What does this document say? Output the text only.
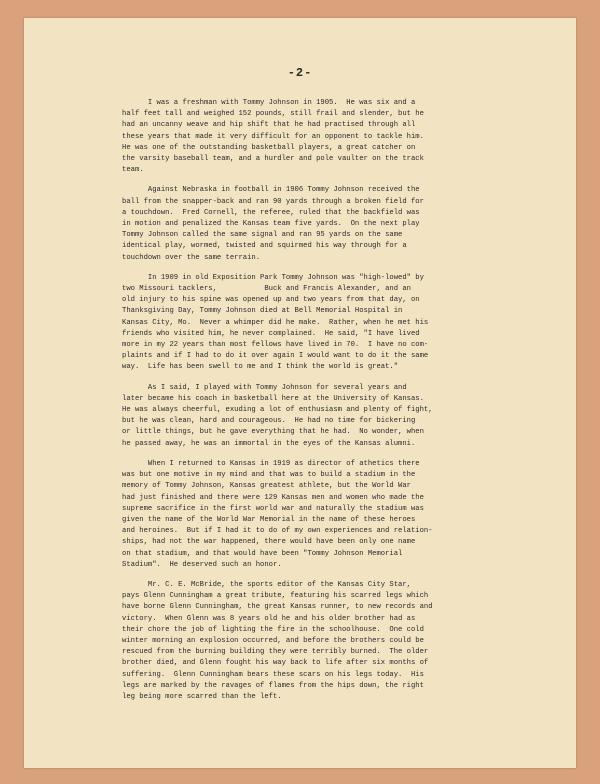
-2-
I was a freshman with Tommy Johnson in 1905.  He was six and a
half feet tall and weighed 152 pounds, still frail and slender, but he
had an uncanny weave and hip shift that he had practised through all
these years that made it very difficult for an opponent to tackle him.
He was one of the outstanding basketball players, a great catcher on
the varsity baseball team, and a hurdler and pole vaulter on the track
team.
Against Nebraska in football in 1906 Tommy Johnson received the
ball from the snapper-back and ran 90 yards through a broken field for
a touchdown.  Fred Cornell, the referee, ruled that the backfield was
in motion and penalized the Kansas team five yards.  On the next play
Tommy Johnson called the same signal and ran 95 yards on the same
identical play, wormed, twisted and squirmed his way through for a
touchdown over the same terrain.
In 1909 in old Exposition Park Tommy Johnson was "high-lowed" by
two Missouri tacklers,           Buck and Francis Alexander, and an
old injury to his spine was opened up and two years from that day, on
Thanksgiving Day, Tommy Johnson died at Bell Memorial Hospital in
Kansas City, Mo.  Never a whimper did he make.  Rather, when he met his
friends who visited him, he never complained.  He said, "I have lived
more in my 22 years than most fellows have lived in 70.  I have no com-
plaints and if I had to do it over again I would want to do it the same
way.  Life has been swell to me and I think the world is great."
As I said, I played with Tommy Johnson for several years and
later became his coach in basketball here at the University of Kansas.
He was always cheerful, exuding a lot of enthusiasm and plenty of fight,
but he was clean, hard and courageous.  He had no time for bickering
or little things, but he gave everything that he had.  No wonder, when
he passed away, he was an immortal in the eyes of the Kansas alumni.
When I returned to Kansas in 1919 as director of athetics there
was but one motive in my mind and that was to build a stadium in the
memory of Tommy Johnson, Kansas greatest athlete, but the World War
had just finished and there were 129 Kansas men and women who made the
supreme sacrifice in the first world war and naturally the stadium was
given the name of the World War Memorial in the name of these heroes
and heroines.  But if I had it to do of my own experiences and relation-
ships, had not the war happened, there would have been only one name
on that stadium, and that would have been "Tommy Johnson Memorial
Stadium".  He deserved such an honor.
Mr. C. E. McBride, the sports editor of the Kansas City Star,
pays Glenn Cunningham a great tribute, featuring his scarred legs which
have borne Glenn Cunningham, the great Kansas runner, to new records and
victory.  When Glenn was 8 years old he and his older brother had as
their chore the job of lighting the fire in the schoolhouse.  One cold
winter morning an explosion occurred, and before the brothers could be
rescued from the burning building they were terribly burned.  The older
brother died, and Glenn fought his way back to life after six months of
suffering.  Glenn Cunningham bears these scars on his legs today.  His
legs are marked by the ravages of flames from the hips down, the right
leg being more scarred than the left.
